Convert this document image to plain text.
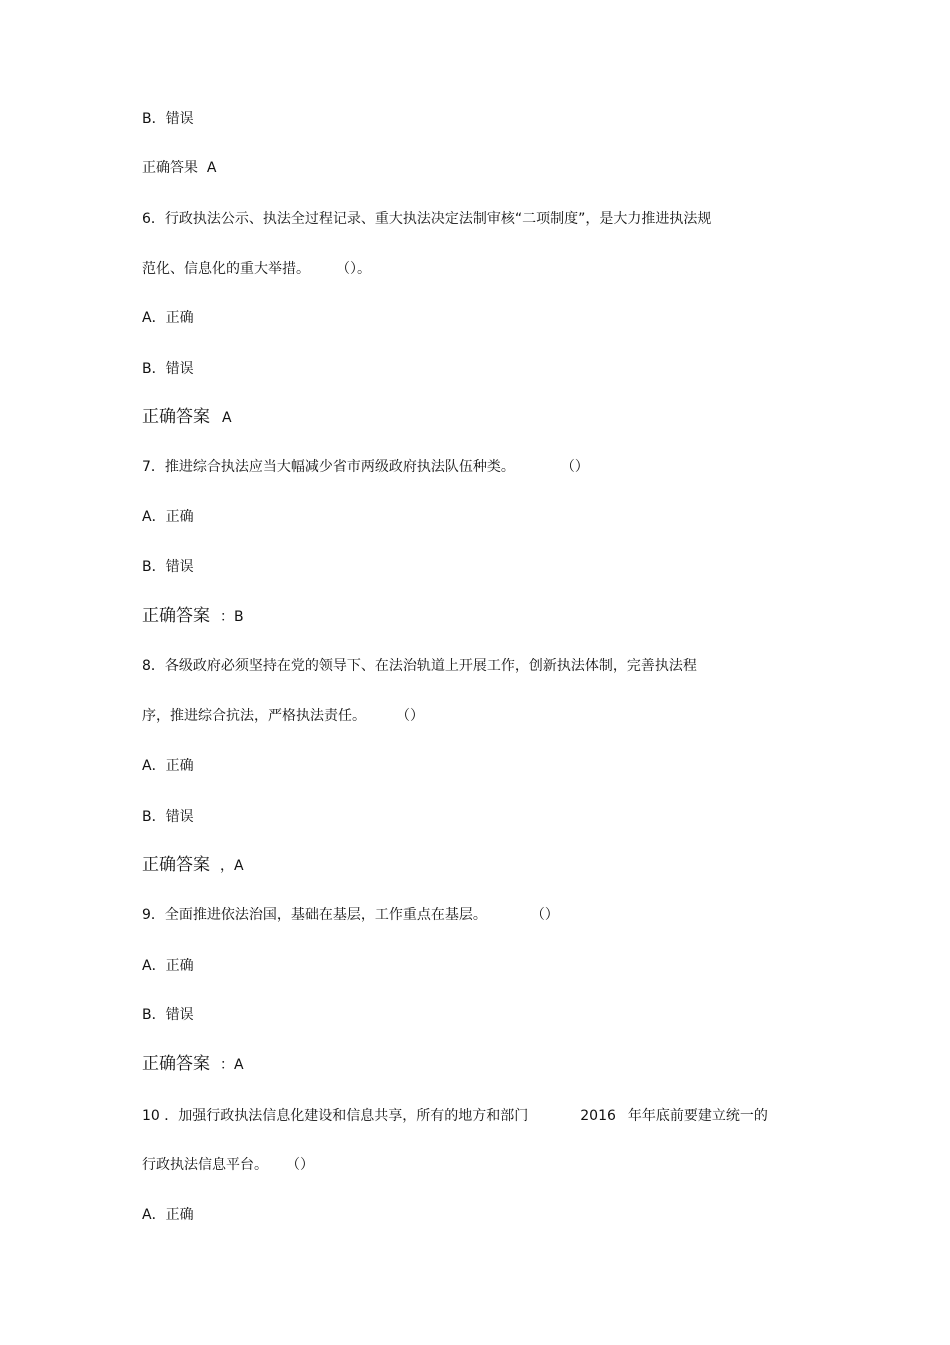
B．错误

正确答果 A

6．行政执法公示、执法全过程记录、重大执法决定法制审核“二项制度”，是大力推进执法规

范化、信息化的重大举措。 （）。

A．正确

B．错误

正确答案 A

7．推进综合执法应当大幅减少省市两级政府执法队伍种类。	（）

A．正确

B．错误

正确答案 ：B

8．各级政府必须坚持在党的领导下、在法治轨道上开展工作，创新执法体制，完善执法程

序，推进综合抗法，严格执法责任。 （）

A．正确

B．错误

正确答案 ，A

9．全面推进依法治国，基础在基层，工作重点在基层。	（）

A．正确

B．错误

正确答案 ：A

10 ．加强行政执法信息化建设和信息共享，所有的地方和部门	2016 年年底前要建立统一的

行政执法信息平台。 （）

A．正确
